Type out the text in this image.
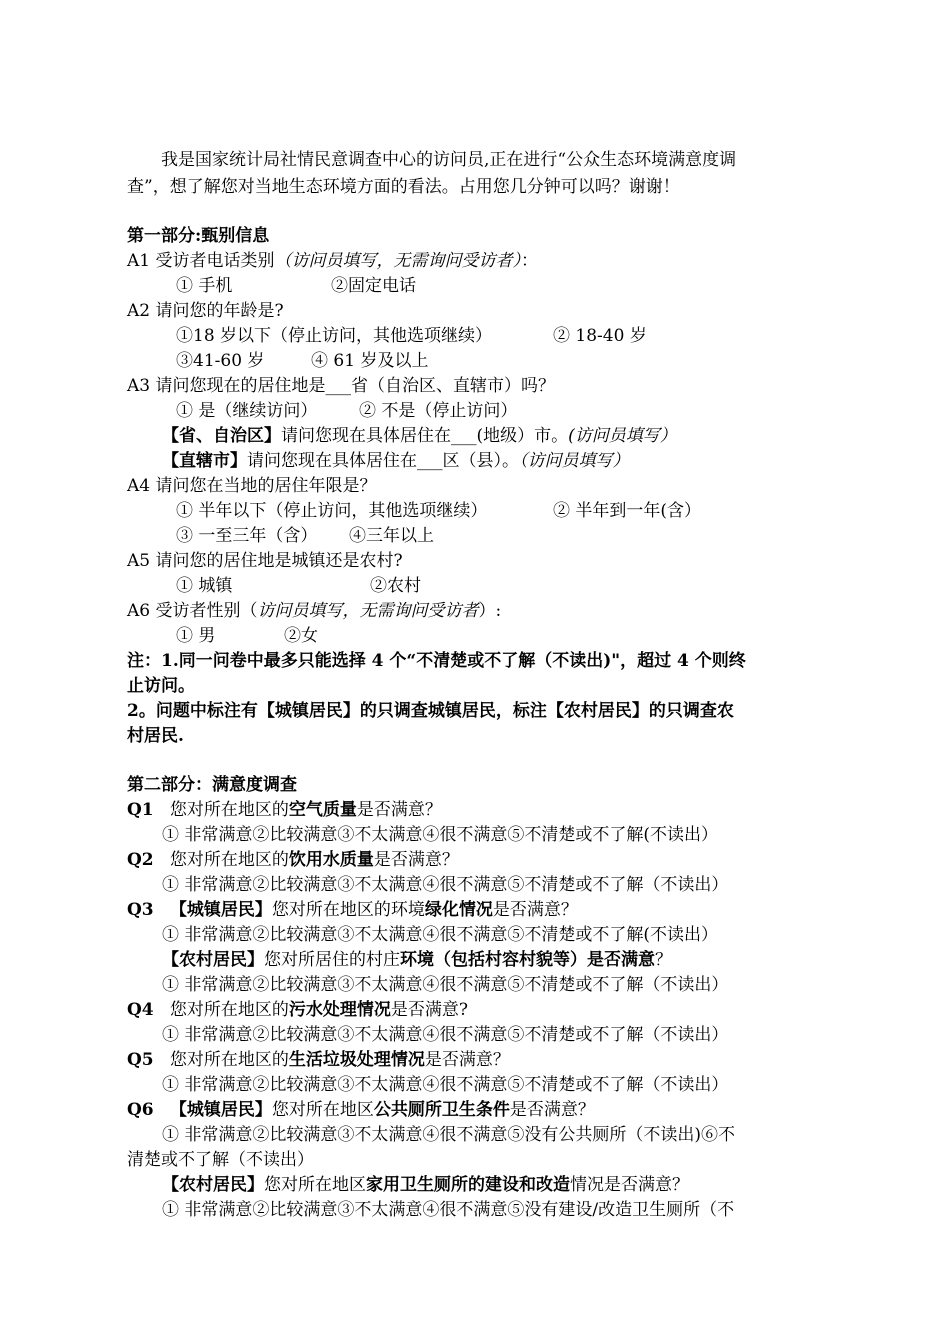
我是国家统计局社情民意调查中心的访问员,正在进行“公众生态环境满意度调
查”，想了解您对当地生态环境方面的看法。占用您几分钟可以吗？谢谢！
第一部分:甄别信息
A1 受访者电话类别（访问员填写，无需询问受访者）：
① 手机	②固定电话
A2 请问您的年龄是?
①18 岁以下（停止访问，其他选项继续）	② 18-40 岁
③41-60 岁	④ 61 岁及以上
A3 请问您现在的居住地是___省（自治区、直辖市）吗？
① 是（继续访问） ② 不是（停止访问）
【省、自治区】请问您现在具体居住在___(地级）市。(访问员填写）
【直辖市】请问您现在具体居住在___区（县）。（访问员填写）
A4 请问您在当地的居住年限是？
① 半年以下（停止访问，其他选项继续）	② 半年到一年(含）
③ 一至三年（含） ④三年以上
A5 请问您的居住地是城镇还是农村?
① 城镇	②农村
A6 受访者性别（访问员填写，无需询问受访者）:
① 男	②女
注：1.同一问卷中最多只能选择 4 个“不清楚或不了解（不读出)"，超过 4 个则终
止访问。
2。问题中标注有【城镇居民】的只调查城镇居民，标注【农村居民】的只调查农
村居民.
第二部分：满意度调查
Q1 您对所在地区的空气质量是否满意？
① 非常满意②比较满意③不太满意④很不满意⑤不清楚或不了解(不读出）
Q2 您对所在地区的饮用水质量是否满意？
① 非常满意②比较满意③不太满意④很不满意⑤不清楚或不了解（不读出）
Q3 【城镇居民】您对所在地区的环境绿化情况是否满意？
① 非常满意②比较满意③不太满意④很不满意⑤不清楚或不了解(不读出）
【农村居民】您对所居住的村庄环境（包括村容村貌等）是否满意？
① 非常满意②比较满意③不太满意④很不满意⑤不清楚或不了解（不读出）
Q4 您对所在地区的污水处理情况是否满意?
① 非常满意②比较满意③不太满意④很不满意⑤不清楚或不了解（不读出）
Q5 您对所在地区的生活垃圾处理情况是否满意？
① 非常满意②比较满意③不太满意④很不满意⑤不清楚或不了解（不读出）
Q6 【城镇居民】您对所在地区公共厕所卫生条件是否满意？
① 非常满意②比较满意③不太满意④很不满意⑤没有公共厕所（不读出)⑥不
清楚或不了解（不读出）
【农村居民】您对所在地区家用卫生厕所的建设和改造情况是否满意？
① 非常满意②比较满意③不太满意④很不满意⑤没有建设/改造卫生厕所（不
